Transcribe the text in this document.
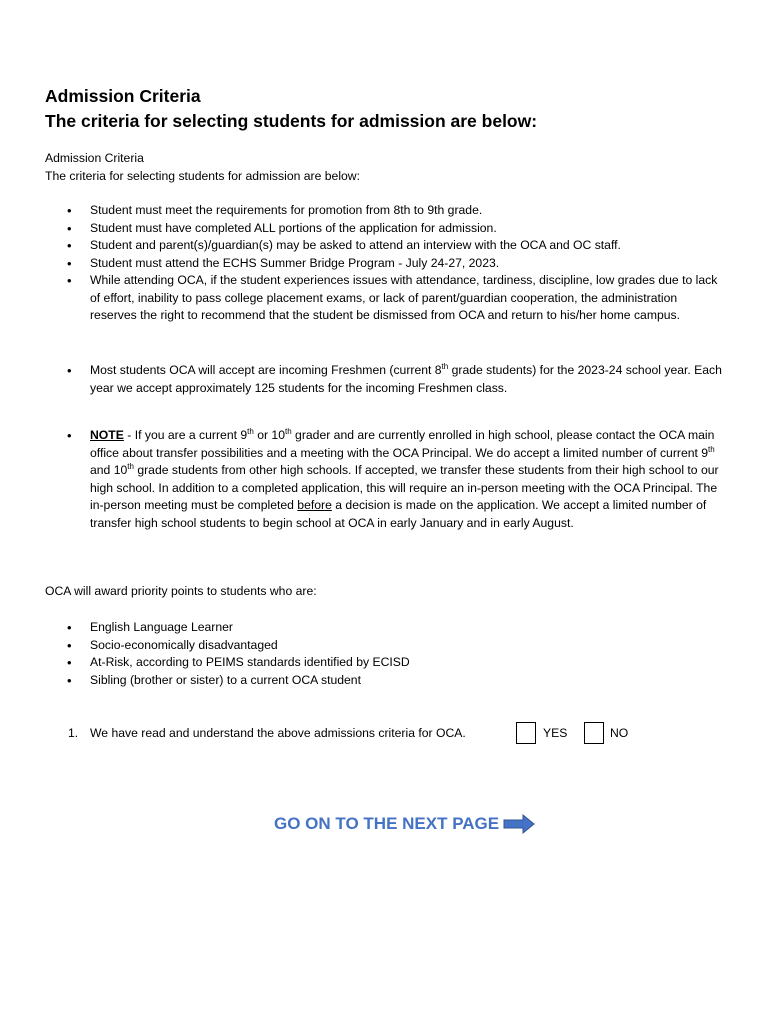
Admission Criteria
The criteria for selecting students for admission are below:
Admission Criteria
The criteria for selecting students for admission are below:
• Student must meet the requirements for promotion from 8th to 9th grade.
• Student must have completed ALL portions of the application for admission.
• Student and parent(s)/guardian(s) may be asked to attend an interview with the OCA and OC staff.
• Student must attend the ECHS Summer Bridge Program - July 24-27, 2023.
• While attending OCA, if the student experiences issues with attendance, tardiness, discipline, low grades due to lack of effort, inability to pass college placement exams, or lack of parent/guardian cooperation, the administration reserves the right to recommend that the student be dismissed from OCA and return to his/her home campus.
• Most students OCA will accept are incoming Freshmen (current 8th grade students) for the 2023-24 school year. Each year we accept approximately 125 students for the incoming Freshmen class.
• NOTE - If you are a current 9th or 10th grader and are currently enrolled in high school, please contact the OCA main office about transfer possibilities and a meeting with the OCA Principal. We do accept a limited number of current 9th and 10th grade students from other high schools. If accepted, we transfer these students from their high school to our high school. In addition to a completed application, this will require an in-person meeting with the OCA Principal. The in-person meeting must be completed before a decision is made on the application. We accept a limited number of transfer high school students to begin school at OCA in early January and in early August.
OCA will award priority points to students who are:
• English Language Learner
• Socio-economically disadvantaged
• At-Risk, according to PEIMS standards identified by ECISD
• Sibling (brother or sister) to a current OCA student
1. We have read and understand the above admissions criteria for OCA.	YES	NO
GO ON TO THE NEXT PAGE
